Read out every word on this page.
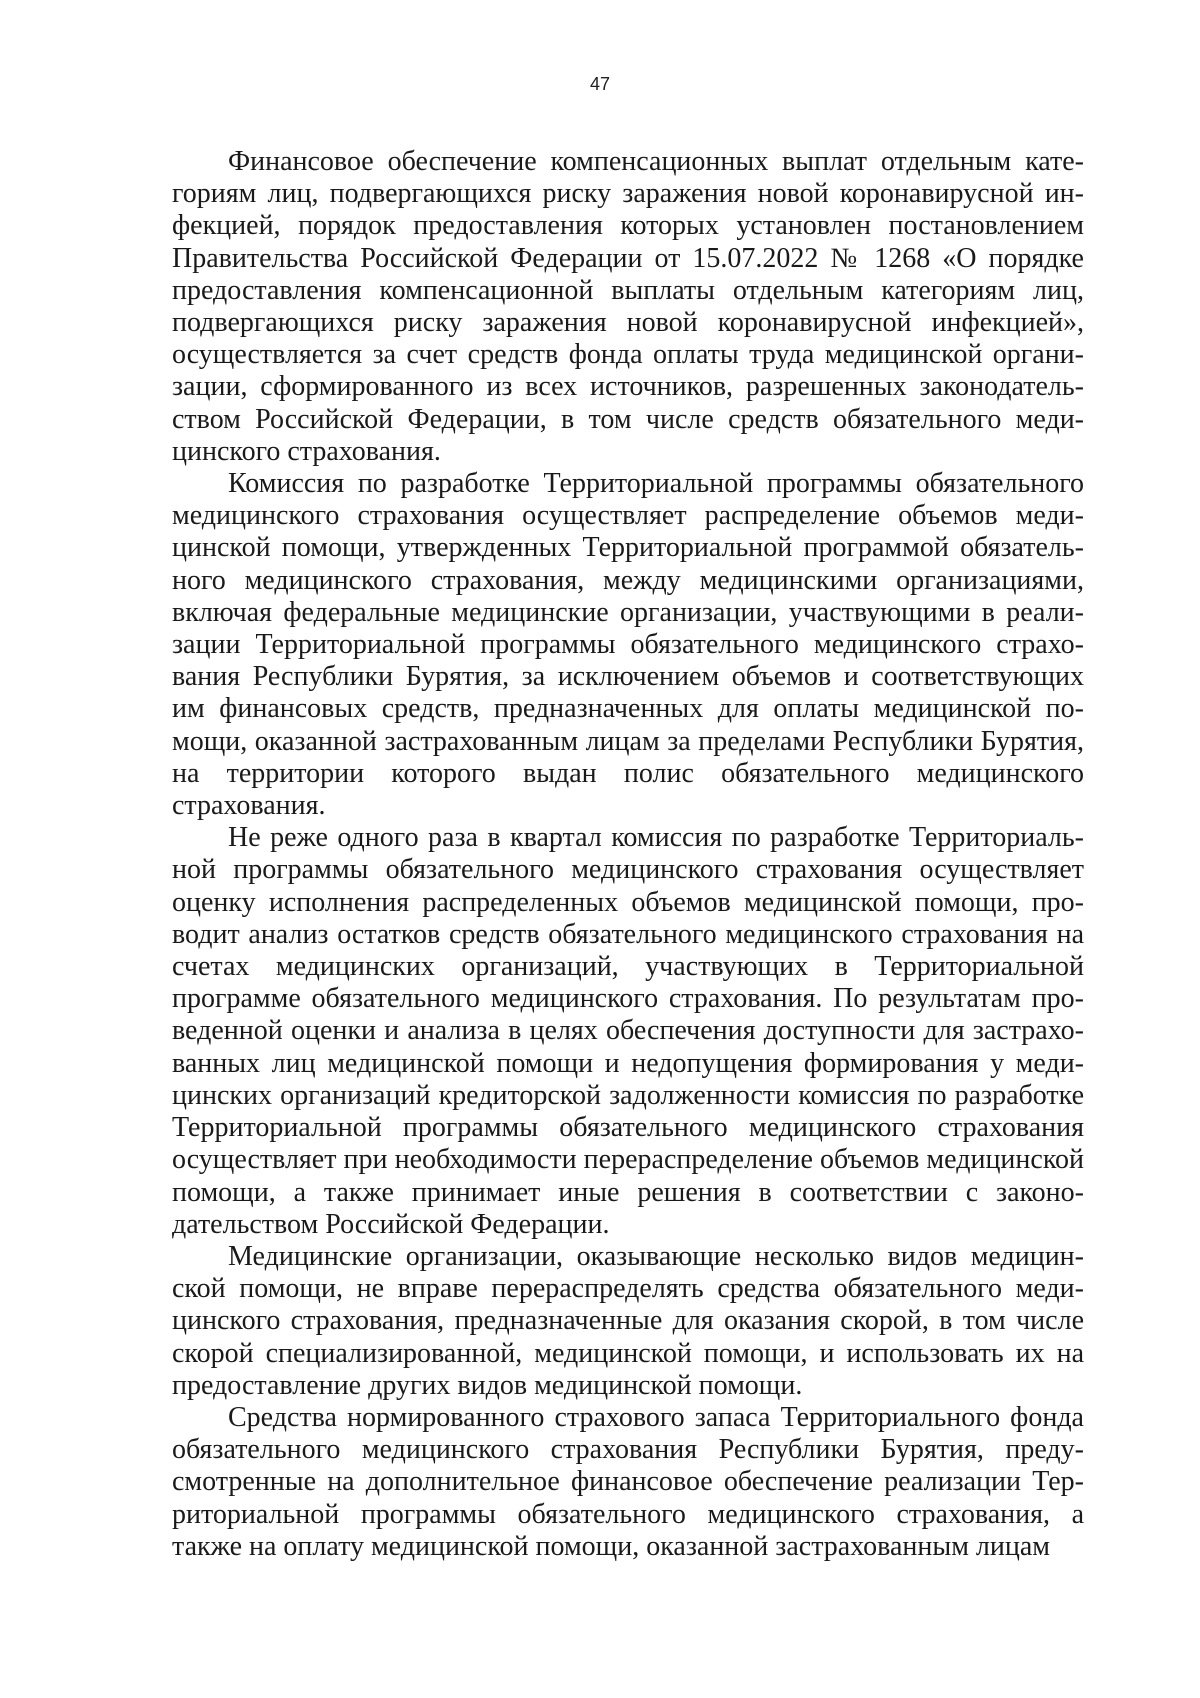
47

Финансовое обеспечение компенсационных выплат отдельным категориям лиц, подвергающихся риску заражения новой коронавирусной инфекцией, порядок предоставления которых установлен постановлением Правительства Российской Федерации от 15.07.2022 № 1268 «О порядке предоставления компенсационной выплаты отдельным категориям лиц, подвергающихся риску заражения новой коронавирусной инфекцией», осуществляется за счет средств фонда оплаты труда медицинской организации, сформированного из всех источников, разрешенных законодательством Российской Федерации, в том числе средств обязательного медицинского страхования.

Комиссия по разработке Территориальной программы обязательного медицинского страхования осуществляет распределение объемов медицинской помощи, утвержденных Территориальной программой обязательного медицинского страхования, между медицинскими организациями, включая федеральные медицинские организации, участвующими в реализации Территориальной программы обязательного медицинского страхования Республики Бурятия, за исключением объемов и соответствующих им финансовых средств, предназначенных для оплаты медицинской помощи, оказанной застрахованным лицам за пределами Республики Бурятия, на территории которого выдан полис обязательного медицинского страхования.

Не реже одного раза в квартал комиссия по разработке Территориальной программы обязательного медицинского страхования осуществляет оценку исполнения распределенных объемов медицинской помощи, проводит анализ остатков средств обязательного медицинского страхования на счетах медицинских организаций, участвующих в Территориальной программе обязательного медицинского страхования. По результатам проведенной оценки и анализа в целях обеспечения доступности для застрахованных лиц медицинской помощи и недопущения формирования у медицинских организаций кредиторской задолженности комиссия по разработке Территориальной программы обязательного медицинского страхования осуществляет при необходимости перераспределение объемов медицинской помощи, а также принимает иные решения в соответствии с законодательством Российской Федерации.

Медицинские организации, оказывающие несколько видов медицинской помощи, не вправе перераспределять средства обязательного медицинского страхования, предназначенные для оказания скорой, в том числе скорой специализированной, медицинской помощи, и использовать их на предоставление других видов медицинской помощи.

Средства нормированного страхового запаса Территориального фонда обязательного медицинского страхования Республики Бурятия, предусмотренные на дополнительное финансовое обеспечение реализации Территориальной программы обязательного медицинского страхования, а также на оплату медицинской помощи, оказанной застрахованным лицам
